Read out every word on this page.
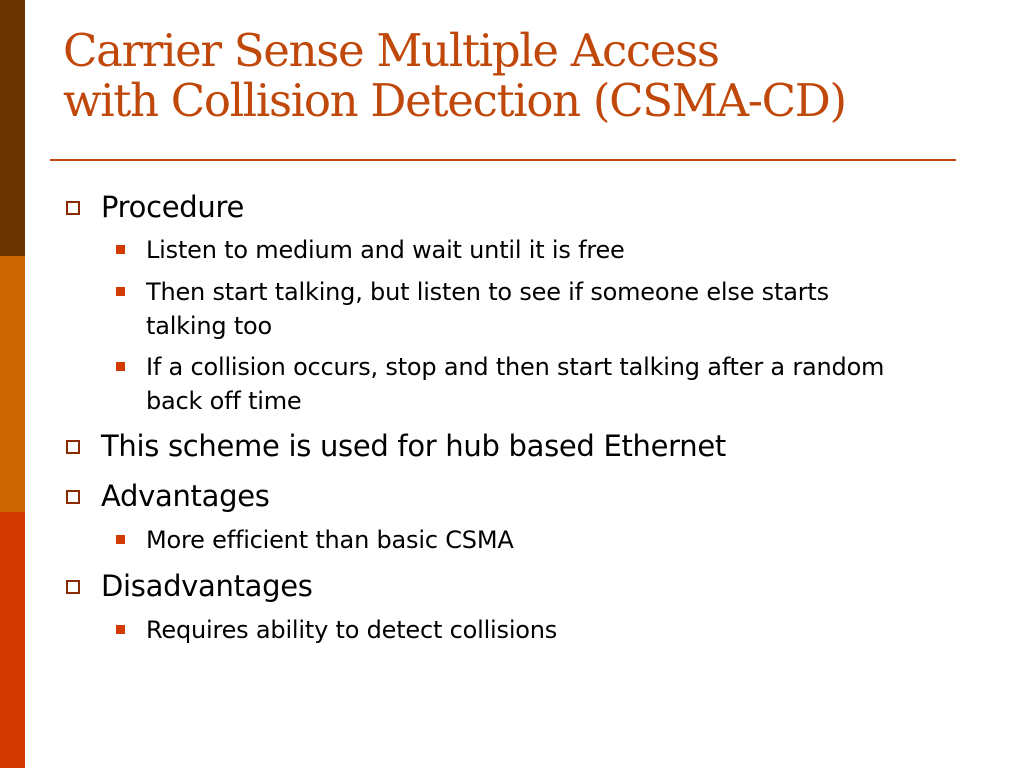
Carrier Sense Multiple Access
with Collision Detection (CSMA-CD)
Procedure
Listen to medium and wait until it is free
Then start talking, but listen to see if someone else starts talking too
If a collision occurs, stop and then start talking after a random back off time
This scheme is used for hub based Ethernet
Advantages
More efficient than basic CSMA
Disadvantages
Requires ability to detect collisions
